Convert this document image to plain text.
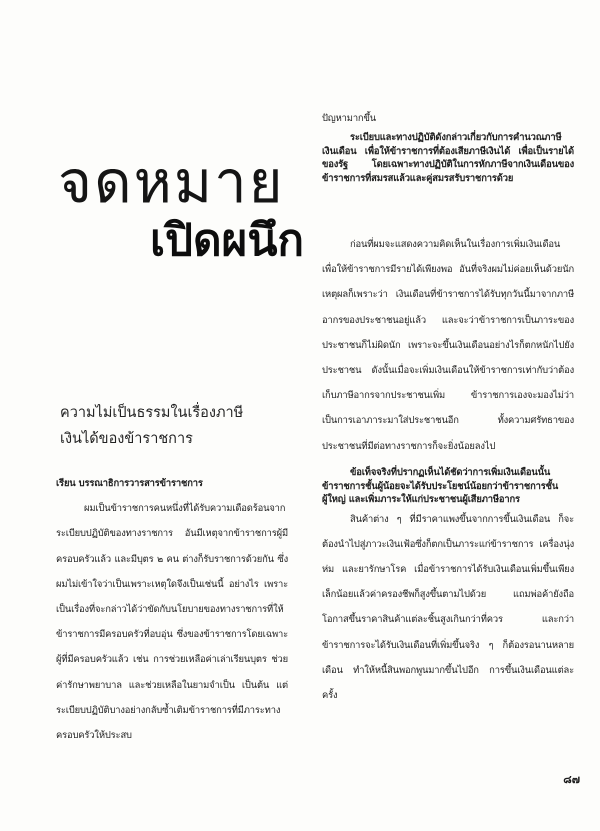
จดหมาย
เปิดผนึก
ความไม่เป็นธรรมในเรื่องภาษี
เงินได้ของข้าราชการ

เรียน บรรณาธิการวารสารข้าราชการ

ผมเป็นข้าราชการคนหนึ่งที่ได้รับความเดือดร้อนจากระเบียบปฏิบัติของทางราชการ อันมีเหตุจากข้าราชการผู้มีครอบครัวแล้ว และมีบุตร ๒ คน ต่างก็รับราชการด้วยกัน ซึ่งผมไม่เข้าใจว่าเป็นเพราะเหตุใดจึงเป็นเช่นนี้ อย่างไร เพราะเป็นเรื่องที่จะกล่าวได้ว่าขัดกับนโยบายของทางราชการที่ให้ข้าราชการมีครอบครัวที่อบอุ่น ซึ่งของข้าราชการโดยเฉพาะผู้ที่มีครอบครัวแล้ว เช่น การช่วยเหลือค่าเล่าเรียนบุตร ช่วยค่ารักษาพยาบาล และช่วยเหลือในยามจำเป็น เป็นต้น แต่ระเบียบปฏิบัติบางอย่างกลับซ้ำเติมข้าราชการที่มีภาระทางครอบครัวให้ประสบ

ปัญหามากขึ้น

ระเบียบและทางปฏิบัติดังกล่าวเกี่ยวกับการคำนวณภาษีเงินเดือน เพื่อให้ข้าราชการที่ต้องเสียภาษีเงินได้ เพื่อเป็นรายได้ของรัฐ โดยเฉพาะทางปฏิบัติในการหักภาษีจากเงินเดือนของข้าราชการที่สมรสแล้วและคู่สมรสรับราชการด้วย

ก่อนที่ผมจะแสดงความคิดเห็นในเรื่องการเพิ่มเงินเดือนเพื่อให้ข้าราชการมีรายได้เพียงพอ อันที่จริงผมไม่ค่อยเห็นด้วยนัก เหตุผลก็เพราะว่า เงินเดือนที่ข้าราชการได้รับทุกวันนี้มาจากภาษีอากรของประชาชนอยู่แล้ว และจะว่าข้าราชการเป็นภาระของประชาชนก็ไม่ผิดนัก เพราะจะขึ้นเงินเดือนอย่างไรก็ตกหนักไปยังประชาชน ดังนั้นเมื่อจะเพิ่มเงินเดือนให้ข้าราชการเท่ากับว่าต้องเก็บภาษีอากรจากประชาชนเพิ่ม ข้าราชการเองจะมองไม่ว่า เป็นการเอาภาระมาใส่ประชาชนอีก ทั้งความศรัทธาของประชาชนที่มีต่อทางราชการก็จะยิ่งน้อยลงไป

ข้อเท็จจริงที่ปรากฏเห็นได้ชัดว่าการเพิ่มเงินเดือนนั้นข้าราชการชั้นผู้น้อยจะได้รับประโยชน์น้อยกว่าข้าราชการชั้นผู้ใหญ่ และเพิ่มภาระให้แก่ประชาชนผู้เสียภาษีอากร

สินค้าต่าง ๆ ที่มีราคาแพงขึ้นจากการขึ้นเงินเดือน ก็จะต้องนำไปสู่ภาวะเงินเฟ้อซึ่งก็ตกเป็นภาระแก่ข้าราชการ เครื่องนุ่งห่ม และยารักษาโรค เมื่อข้าราชการได้รับเงินเดือนเพิ่มขึ้นเพียงเล็กน้อยแล้วค่าครองชีพก็สูงขึ้นตามไปด้วย แถมพ่อค้ายังถือโอกาสขึ้นราคาสินค้าแต่ละชิ้นสูงเกินกว่าที่ควร และกว่าข้าราชการจะได้รับเงินเดือนที่เพิ่มขึ้นจริง ๆ ก็ต้องรอนานหลายเดือน ทำให้หนี้สินพอกพูนมากขึ้นไปอีก การขึ้นเงินเดือนแต่ละครั้ง

๘๗
